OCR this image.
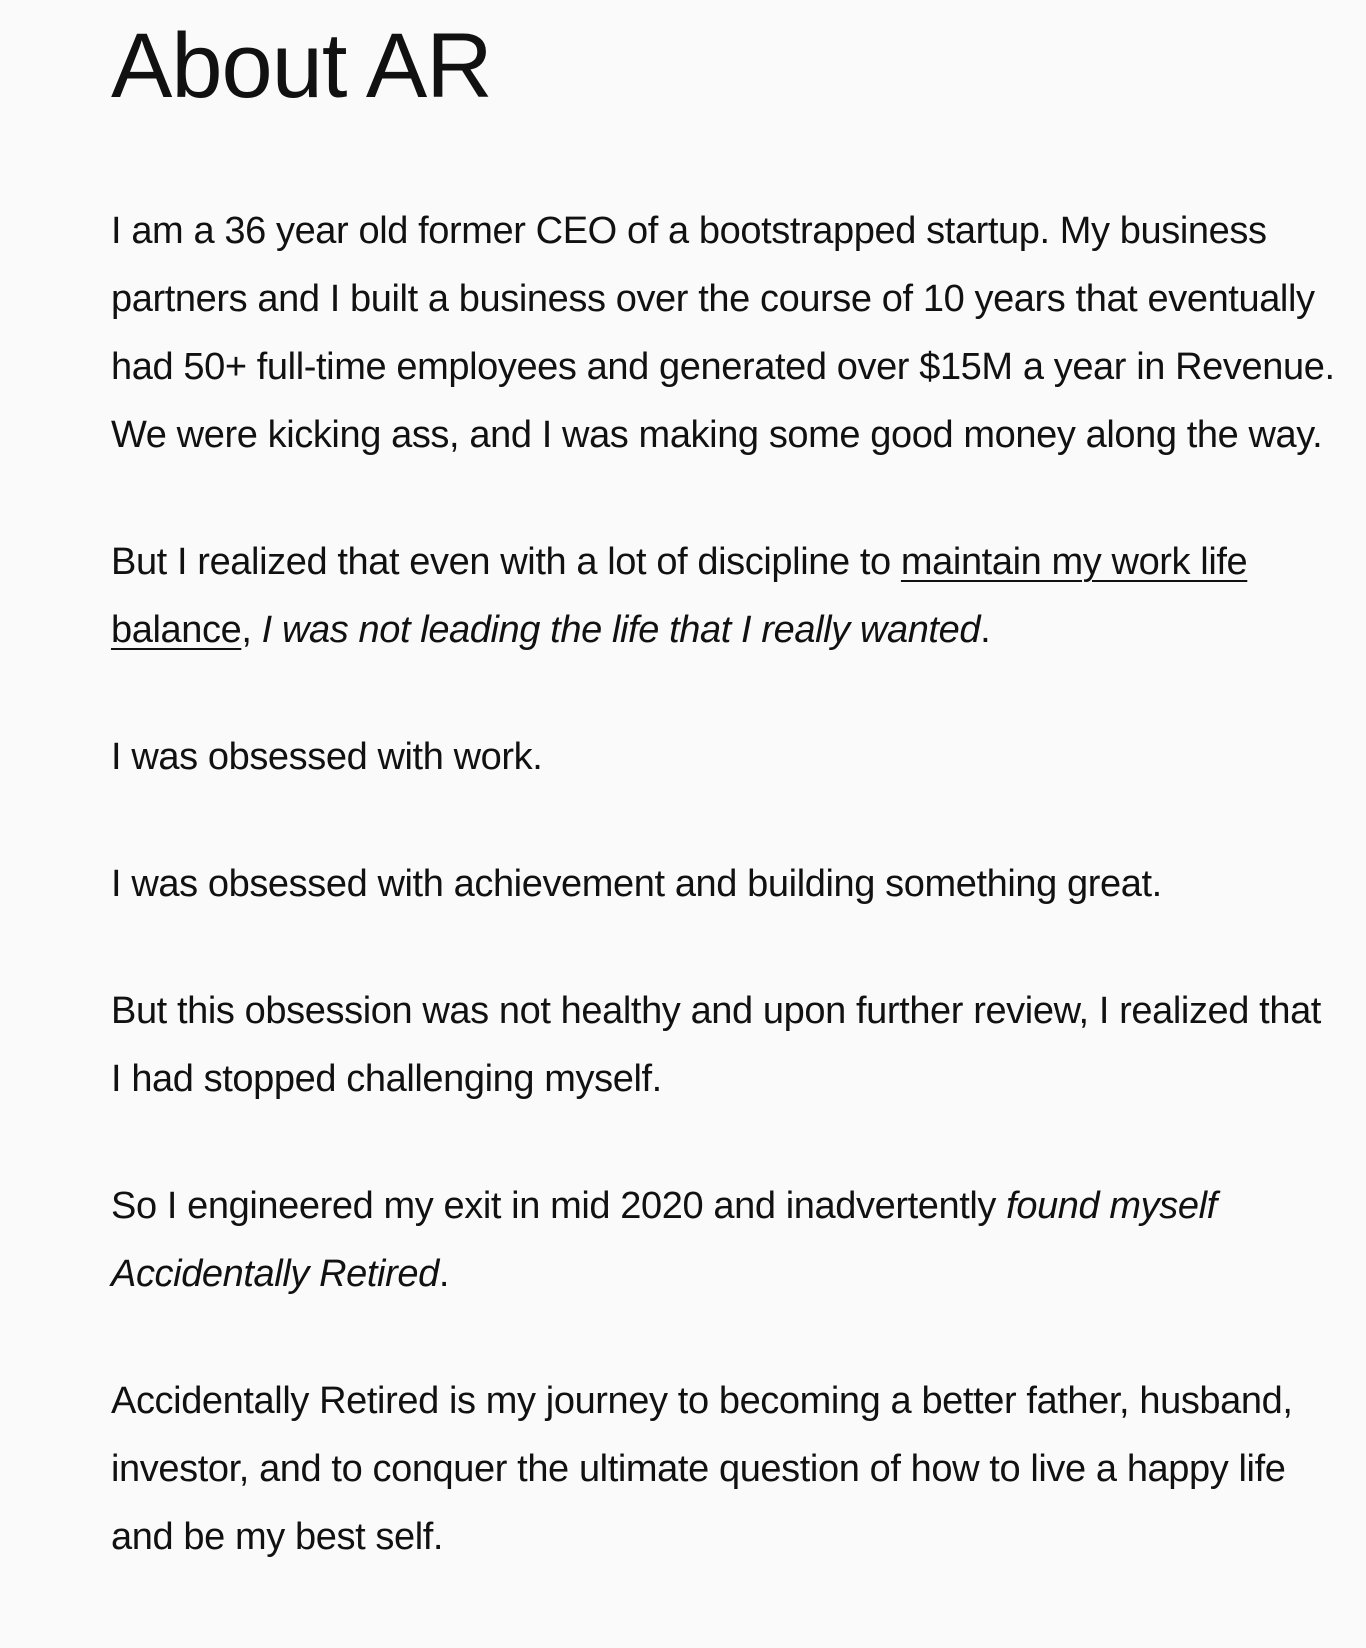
About AR

I am a 36 year old former CEO of a bootstrapped startup. My business partners and I built a business over the course of 10 years that eventually had 50+ full-time employees and generated over $15M a year in Revenue. We were kicking ass, and I was making some good money along the way.

But I realized that even with a lot of discipline to maintain my work life balance, I was not leading the life that I really wanted.

I was obsessed with work.

I was obsessed with achievement and building something great.

But this obsession was not healthy and upon further review, I realized that I had stopped challenging myself.

So I engineered my exit in mid 2020 and inadvertently found myself Accidentally Retired.

Accidentally Retired is my journey to becoming a better father, husband, investor, and to conquer the ultimate question of how to live a happy life and be my best self.
